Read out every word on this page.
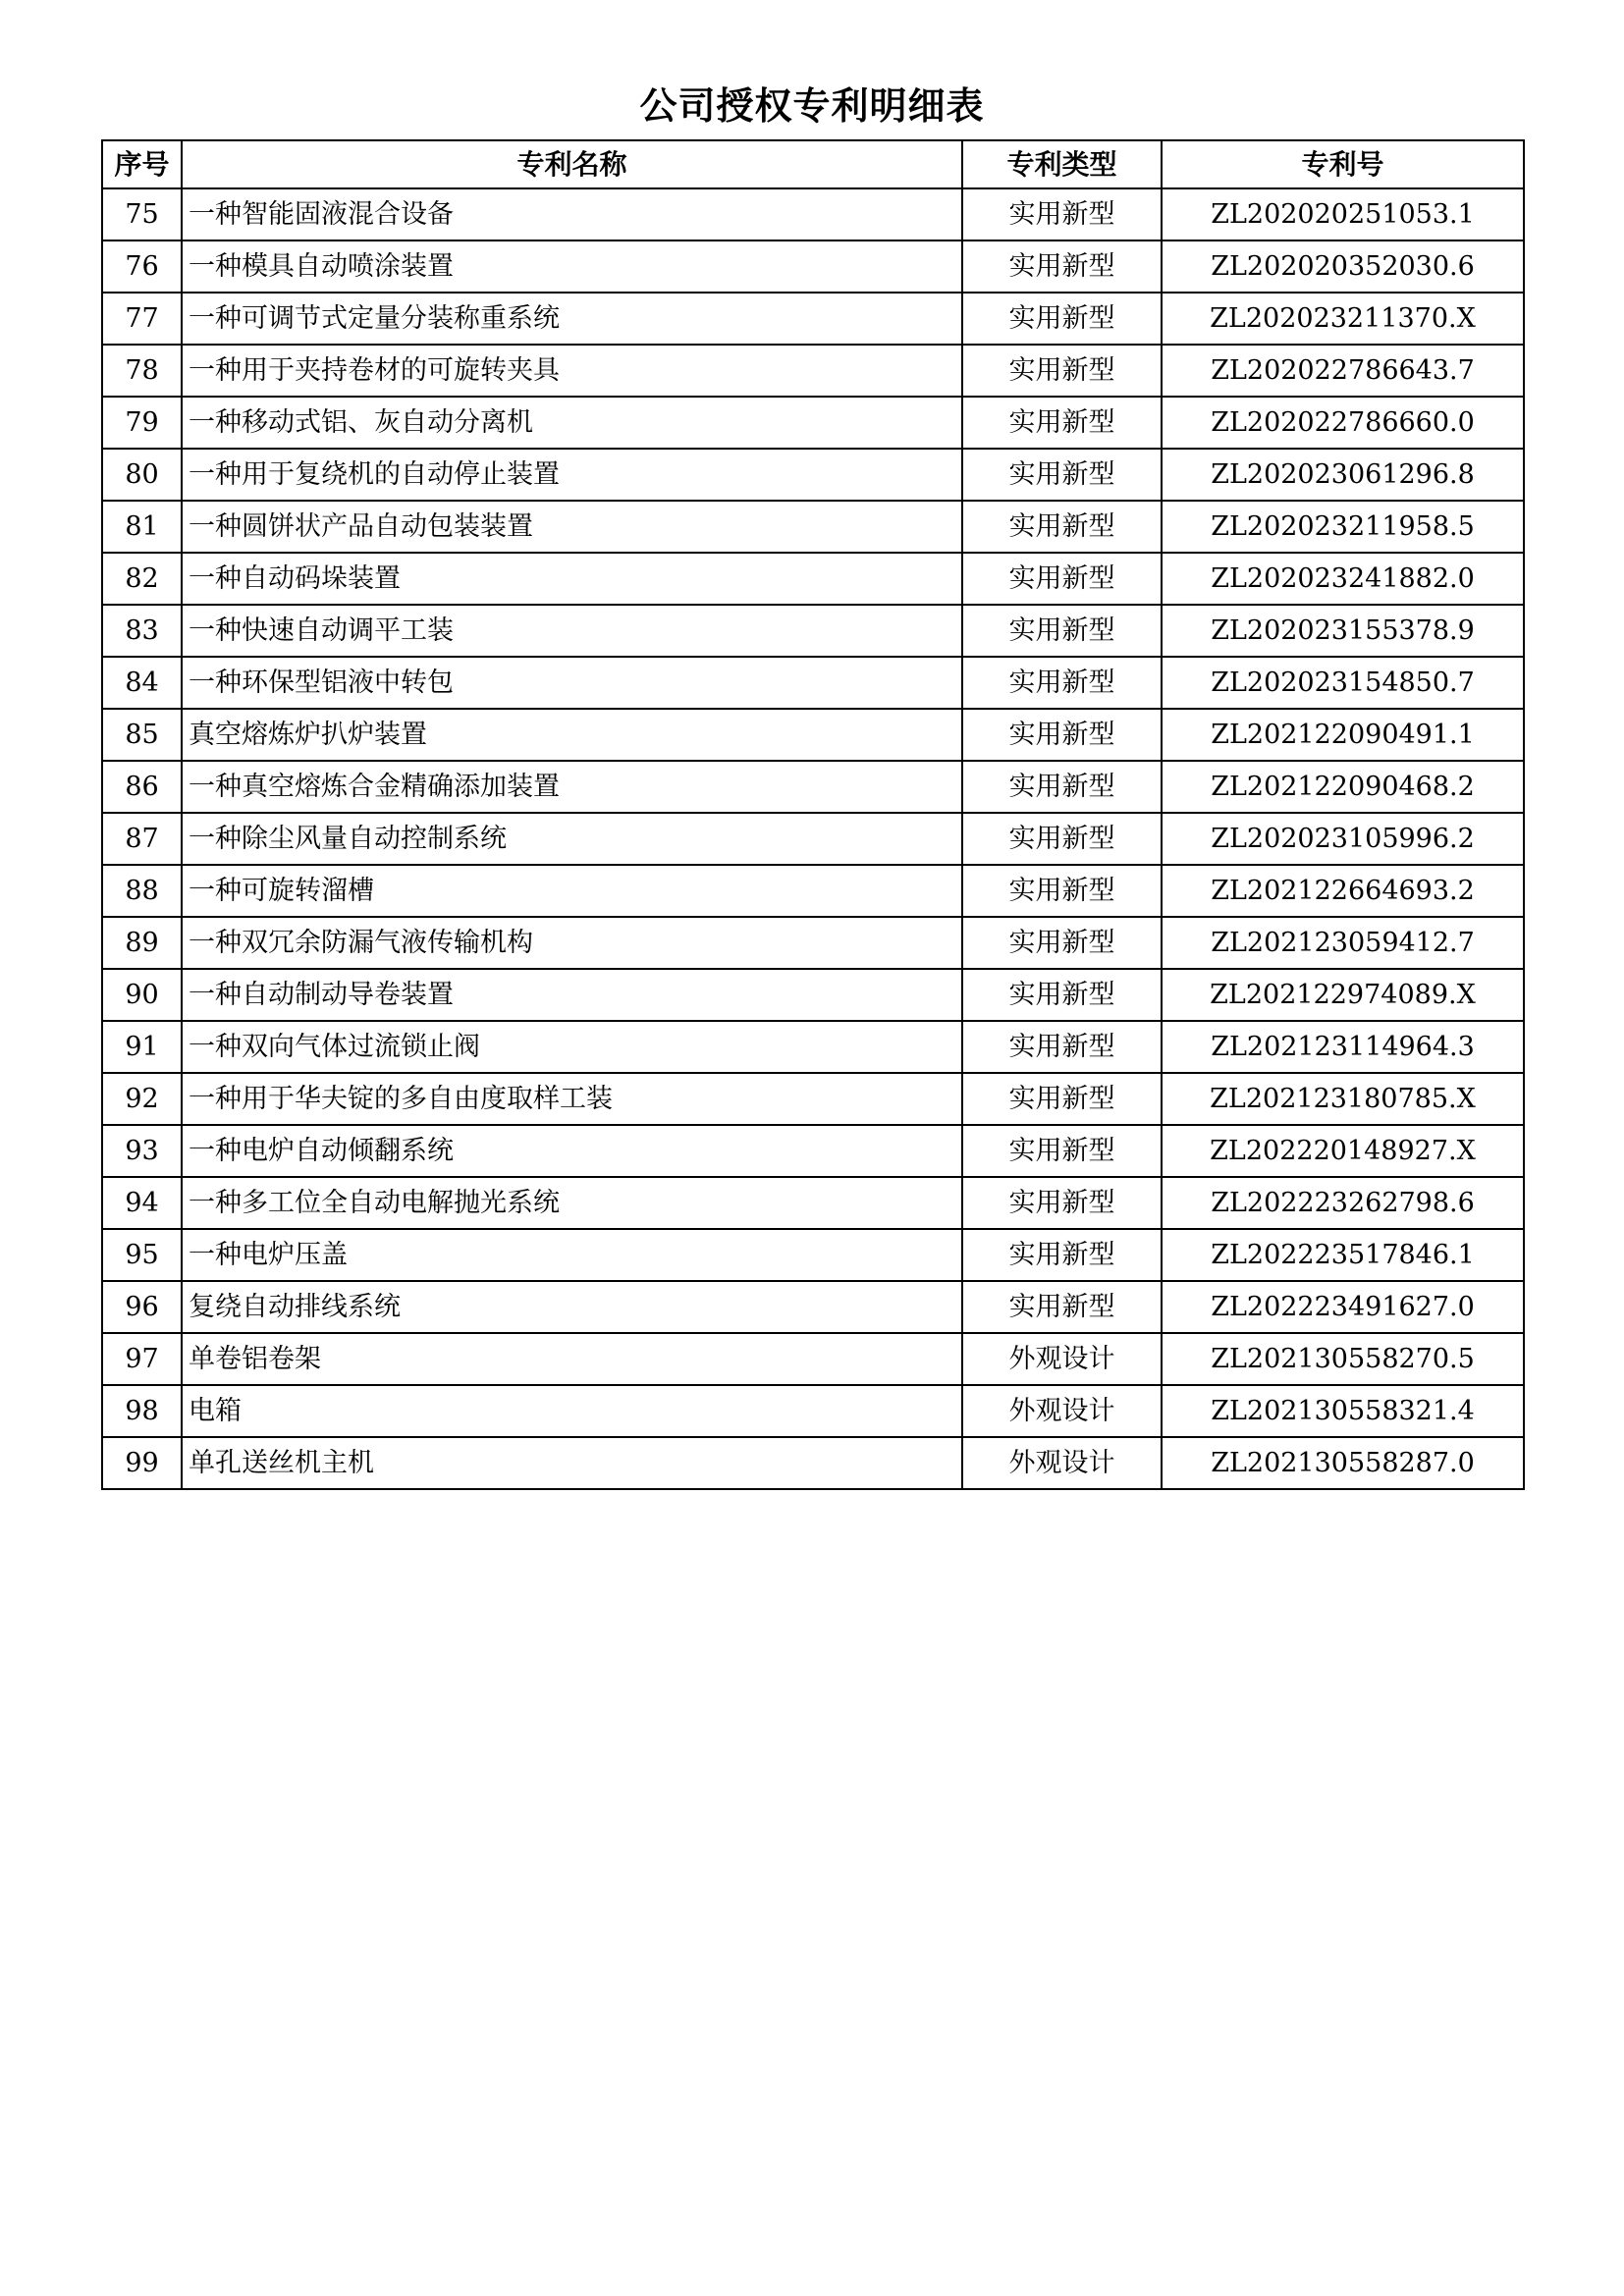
公司授权专利明细表
序号	专利名称	专利类型	专利号
75	一种智能固液混合设备	实用新型	ZL202020251053.1
76	一种模具自动喷涂装置	实用新型	ZL202020352030.6
77	一种可调节式定量分装称重系统	实用新型	ZL202023211370.X
78	一种用于夹持卷材的可旋转夹具	实用新型	ZL202022786643.7
79	一种移动式铝、灰自动分离机	实用新型	ZL202022786660.0
80	一种用于复绕机的自动停止装置	实用新型	ZL202023061296.8
81	一种圆饼状产品自动包装装置	实用新型	ZL202023211958.5
82	一种自动码垛装置	实用新型	ZL202023241882.0
83	一种快速自动调平工装	实用新型	ZL202023155378.9
84	一种环保型铝液中转包	实用新型	ZL202023154850.7
85	真空熔炼炉扒炉装置	实用新型	ZL202122090491.1
86	一种真空熔炼合金精确添加装置	实用新型	ZL202122090468.2
87	一种除尘风量自动控制系统	实用新型	ZL202023105996.2
88	一种可旋转溜槽	实用新型	ZL202122664693.2
89	一种双冗余防漏气液传输机构	实用新型	ZL202123059412.7
90	一种自动制动导卷装置	实用新型	ZL202122974089.X
91	一种双向气体过流锁止阀	实用新型	ZL202123114964.3
92	一种用于华夫锭的多自由度取样工装	实用新型	ZL202123180785.X
93	一种电炉自动倾翻系统	实用新型	ZL202220148927.X
94	一种多工位全自动电解抛光系统	实用新型	ZL202223262798.6
95	一种电炉压盖	实用新型	ZL202223517846.1
96	复绕自动排线系统	实用新型	ZL202223491627.0
97	单卷铝卷架	外观设计	ZL202130558270.5
98	电箱	外观设计	ZL202130558321.4
99	单孔送丝机主机	外观设计	ZL202130558287.0
